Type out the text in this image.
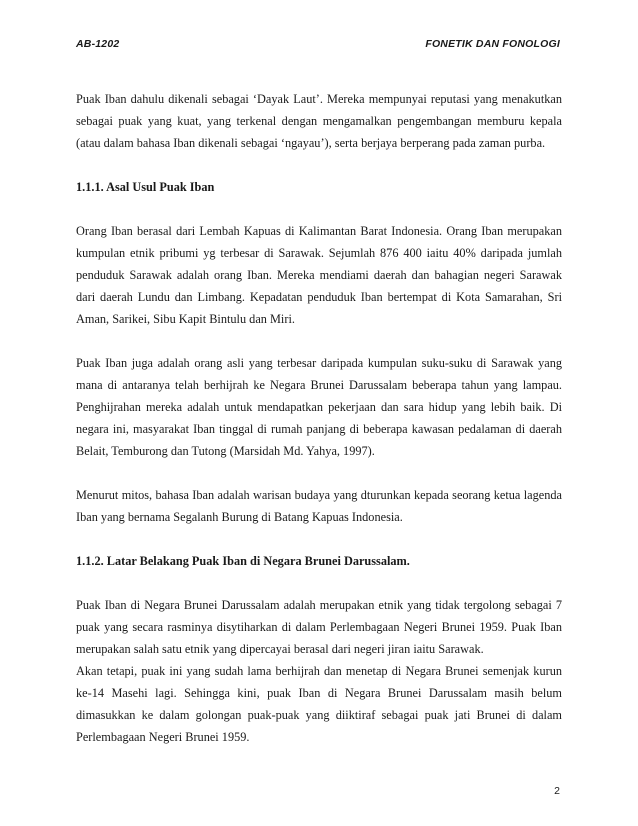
AB-1202	FONETIK DAN FONOLOGI

Puak Iban dahulu dikenali sebagai ‘Dayak Laut’. Mereka mempunyai reputasi yang menakutkan sebagai puak yang kuat, yang terkenal dengan mengamalkan pengembangan memburu kepala (atau dalam bahasa Iban dikenali sebagai ‘ngayau’), serta berjaya berperang pada zaman purba.

1.1.1. Asal Usul Puak Iban

Orang Iban berasal dari Lembah Kapuas di Kalimantan Barat Indonesia. Orang Iban merupakan kumpulan etnik pribumi yg terbesar di Sarawak. Sejumlah 876 400 iaitu 40% daripada jumlah penduduk Sarawak adalah orang Iban. Mereka mendiami daerah dan bahagian negeri Sarawak dari daerah Lundu dan Limbang. Kepadatan penduduk Iban bertempat di Kota Samarahan, Sri Aman, Sarikei, Sibu Kapit Bintulu dan Miri.

Puak Iban juga adalah orang asli yang terbesar daripada kumpulan suku-suku di Sarawak yang mana di antaranya telah berhijrah ke Negara Brunei Darussalam beberapa tahun yang lampau. Penghijrahan mereka adalah untuk mendapatkan pekerjaan dan sara hidup yang lebih baik. Di negara ini, masyarakat Iban tinggal di rumah panjang di beberapa kawasan pedalaman di daerah Belait, Temburong dan Tutong (Marsidah Md. Yahya, 1997).

Menurut mitos, bahasa Iban adalah warisan budaya yang dturunkan kepada seorang ketua lagenda Iban yang bernama Segalanh Burung di Batang Kapuas Indonesia.

1.1.2. Latar Belakang Puak Iban di Negara Brunei Darussalam.

Puak Iban di Negara Brunei Darussalam adalah merupakan etnik yang tidak tergolong sebagai 7 puak yang secara rasminya disytiharkan di dalam Perlembagaan Negeri Brunei 1959. Puak Iban merupakan salah satu etnik yang dipercayai berasal dari negeri jiran iaitu Sarawak.

Akan tetapi, puak ini yang sudah lama berhijrah dan menetap di Negara Brunei semenjak kurun ke-14 Masehi lagi. Sehingga kini, puak Iban di Negara Brunei Darussalam masih belum dimasukkan ke dalam golongan puak-puak yang diiktiraf sebagai puak jati Brunei di dalam Perlembagaan Negeri Brunei 1959.

2
